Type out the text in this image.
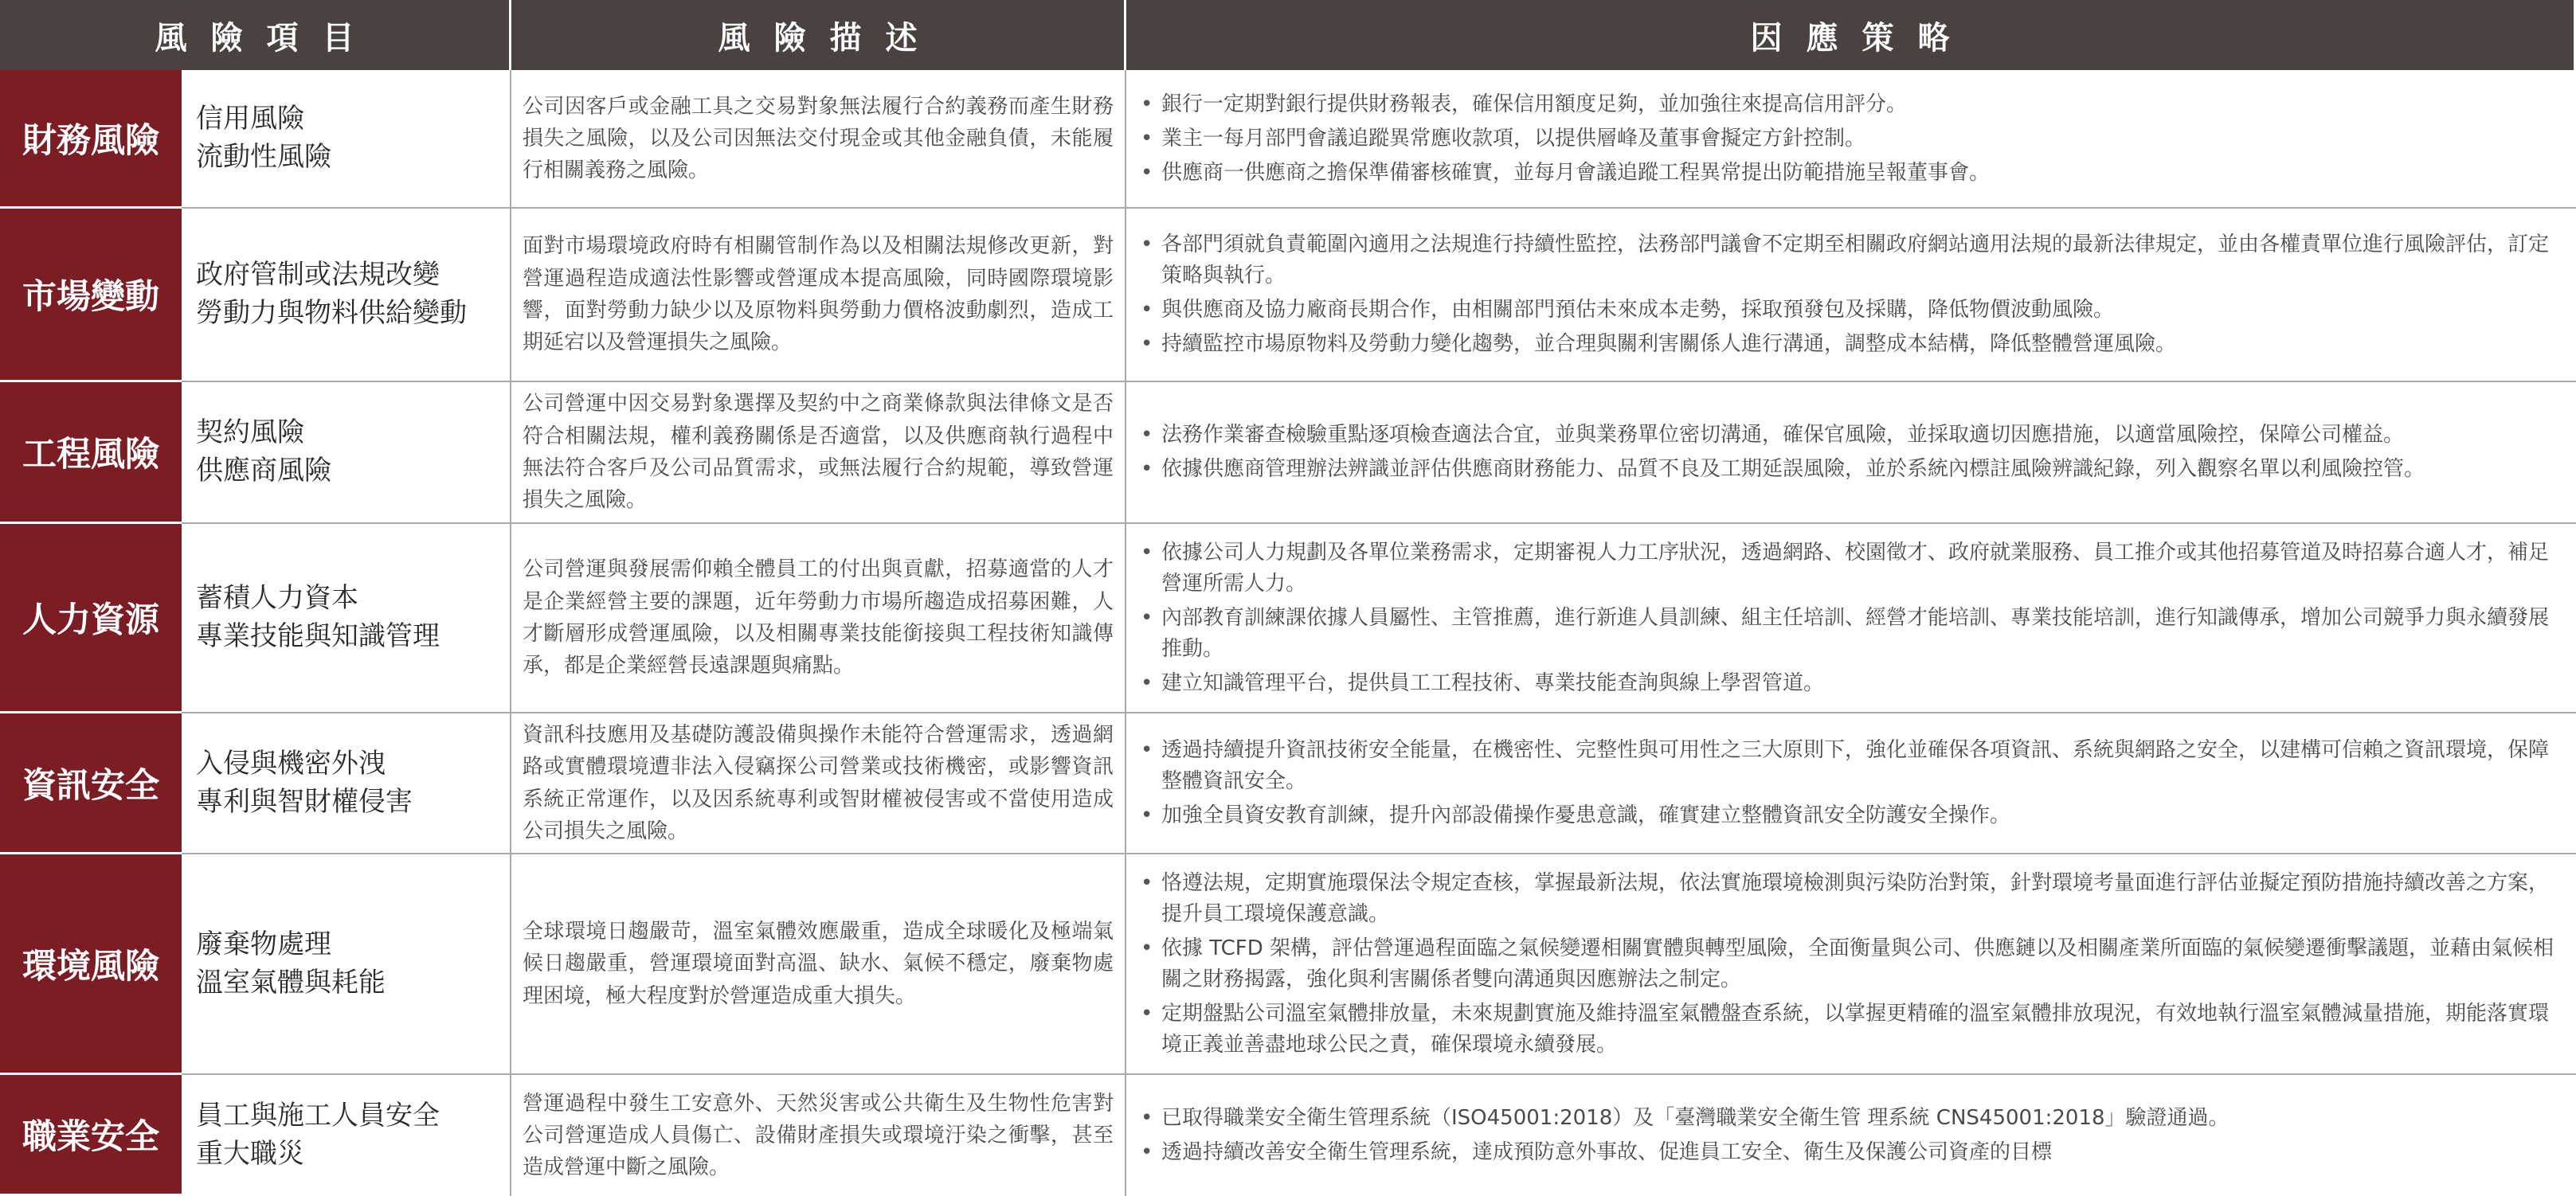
風險項目	風險描述	因應策略
財務風險
信用風險
流動性風險
公司因客戶或金融工具之交易對象無法履行合約義務而產生財務損失之風險，以及公司因無法交付現金或其他金融負債，未能履行相關義務之風險。
• 銀行一定期對銀行提供財務報表，確保信用額度足夠，並加強往來提高信用評分。
• 業主一每月部門會議追蹤異常應收款項，以提供層峰及董事會擬定方針控制。
• 供應商一供應商之擔保準備審核確實，並每月會議追蹤工程異常提出防範措施呈報董事會。
市場變動
政府管制或法規改變
勞動力與物料供給變動
面對市場環境政府時有相關管制作為以及相關法規修改更新，對營運過程造成適法性影響或營運成本提高風險，同時國際環境影響，面對勞動力缺少以及原物料與勞動力價格波動劇烈，造成工期延宕以及營運損失之風險。
• 各部門須就負責範圍內適用之法規進行持續性監控，法務部門議會不定期至相關政府網站適用法規的最新法律規定，並由各權責單位進行風險評估，訂定策略與執行。
• 與供應商及協力廠商長期合作，由相關部門預估未來成本走勢，採取預發包及採購，降低物價波動風險。
• 持續監控市場原物料及勞動力變化趨勢，並合理與關利害關係人進行溝通，調整成本結構，降低整體營運風險。
工程風險
契約風險
供應商風險
公司營運中因交易對象選擇及契約中之商業條款與法律條文是否符合相關法規，權利義務關係是否適當，以及供應商執行過程中無法符合客戶及公司品質需求，或無法履行合約規範，導致營運損失之風險。
• 法務作業審查檢驗重點逐項檢查適法合宜，並與業務單位密切溝通，確保官風險，並採取適切因應措施，以適當風險控，保障公司權益。
• 依據供應商管理辦法辨識並評估供應商財務能力、品質不良及工期延誤風險，並於系統內標註風險辨識紀錄，列入觀察名單以利風險控管。
人力資源
蓄積人力資本
專業技能與知識管理
公司營運與發展需仰賴全體員工的付出與貢獻，招募適當的人才是企業經營主要的課題，近年勞動力市場所趨造成招募困難，人才斷層形成營運風險，以及相關專業技能銜接與工程技術知識傳承，都是企業經營長遠課題與痛點。
• 依據公司人力規劃及各單位業務需求，定期審視人力工序狀況，透過網路、校園徵才、政府就業服務、員工推介或其他招募管道及時招募合適人才，補足營運所需人力。
• 內部教育訓練課依據人員屬性、主管推薦，進行新進人員訓練、組主任培訓、經營才能培訓、專業技能培訓，進行知識傳承，增加公司競爭力與永續發展推動。
• 建立知識管理平台，提供員工工程技術、專業技能查詢與線上學習管道。
資訊安全
入侵與機密外洩
專利與智財權侵害
資訊科技應用及基礎防護設備與操作未能符合營運需求，透過網路或實體環境遭非法入侵竊探公司營業或技術機密，或影響資訊系統正常運作，以及因系統專利或智財權被侵害或不當使用造成公司損失之風險。
• 透過持續提升資訊技術安全能量，在機密性、完整性與可用性之三大原則下，強化並確保各項資訊、系統與網路之安全，以建構可信賴之資訊環境，保障整體資訊安全。
• 加強全員資安教育訓練，提升內部設備操作憂患意識，確實建立整體資訊安全防護安全操作。
環境風險
廢棄物處理
溫室氣體與耗能
全球環境日趨嚴苛，溫室氣體效應嚴重，造成全球暖化及極端氣候日趨嚴重，營運環境面對高溫、缺水、氣候不穩定，廢棄物處理困境，極大程度對於營運造成重大損失。
• 恪遵法規，定期實施環保法令規定查核，掌握最新法規，依法實施環境檢測與污染防治對策，針對環境考量面進行評估並擬定預防措施持續改善之方案，提升員工環境保護意識。
• 依據 TCFD 架構，評估營運過程面臨之氣候變遷相關實體與轉型風險，全面衡量與公司、供應鏈以及相關產業所面臨的氣候變遷衝擊議題，並藉由氣候相關之財務揭露，強化與利害關係者雙向溝通與因應辦法之制定。
• 定期盤點公司溫室氣體排放量，未來規劃實施及維持溫室氣體盤查系統，以掌握更精確的溫室氣體排放現況，有效地執行溫室氣體減量措施，期能落實環境正義並善盡地球公民之責，確保環境永續發展。
職業安全
員工與施工人員安全
重大職災
營運過程中發生工安意外、天然災害或公共衛生及生物性危害對公司營運造成人員傷亡、設備財產損失或環境汙染之衝擊，甚至造成營運中斷之風險。
• 已取得職業安全衛生管理系統（ISO45001:2018）及「臺灣職業安全衛生管 理系統 CNS45001:2018」驗證通過。
• 透過持續改善安全衛生管理系統，達成預防意外事故、促進員工安全、衛生及保護公司資產的目標
